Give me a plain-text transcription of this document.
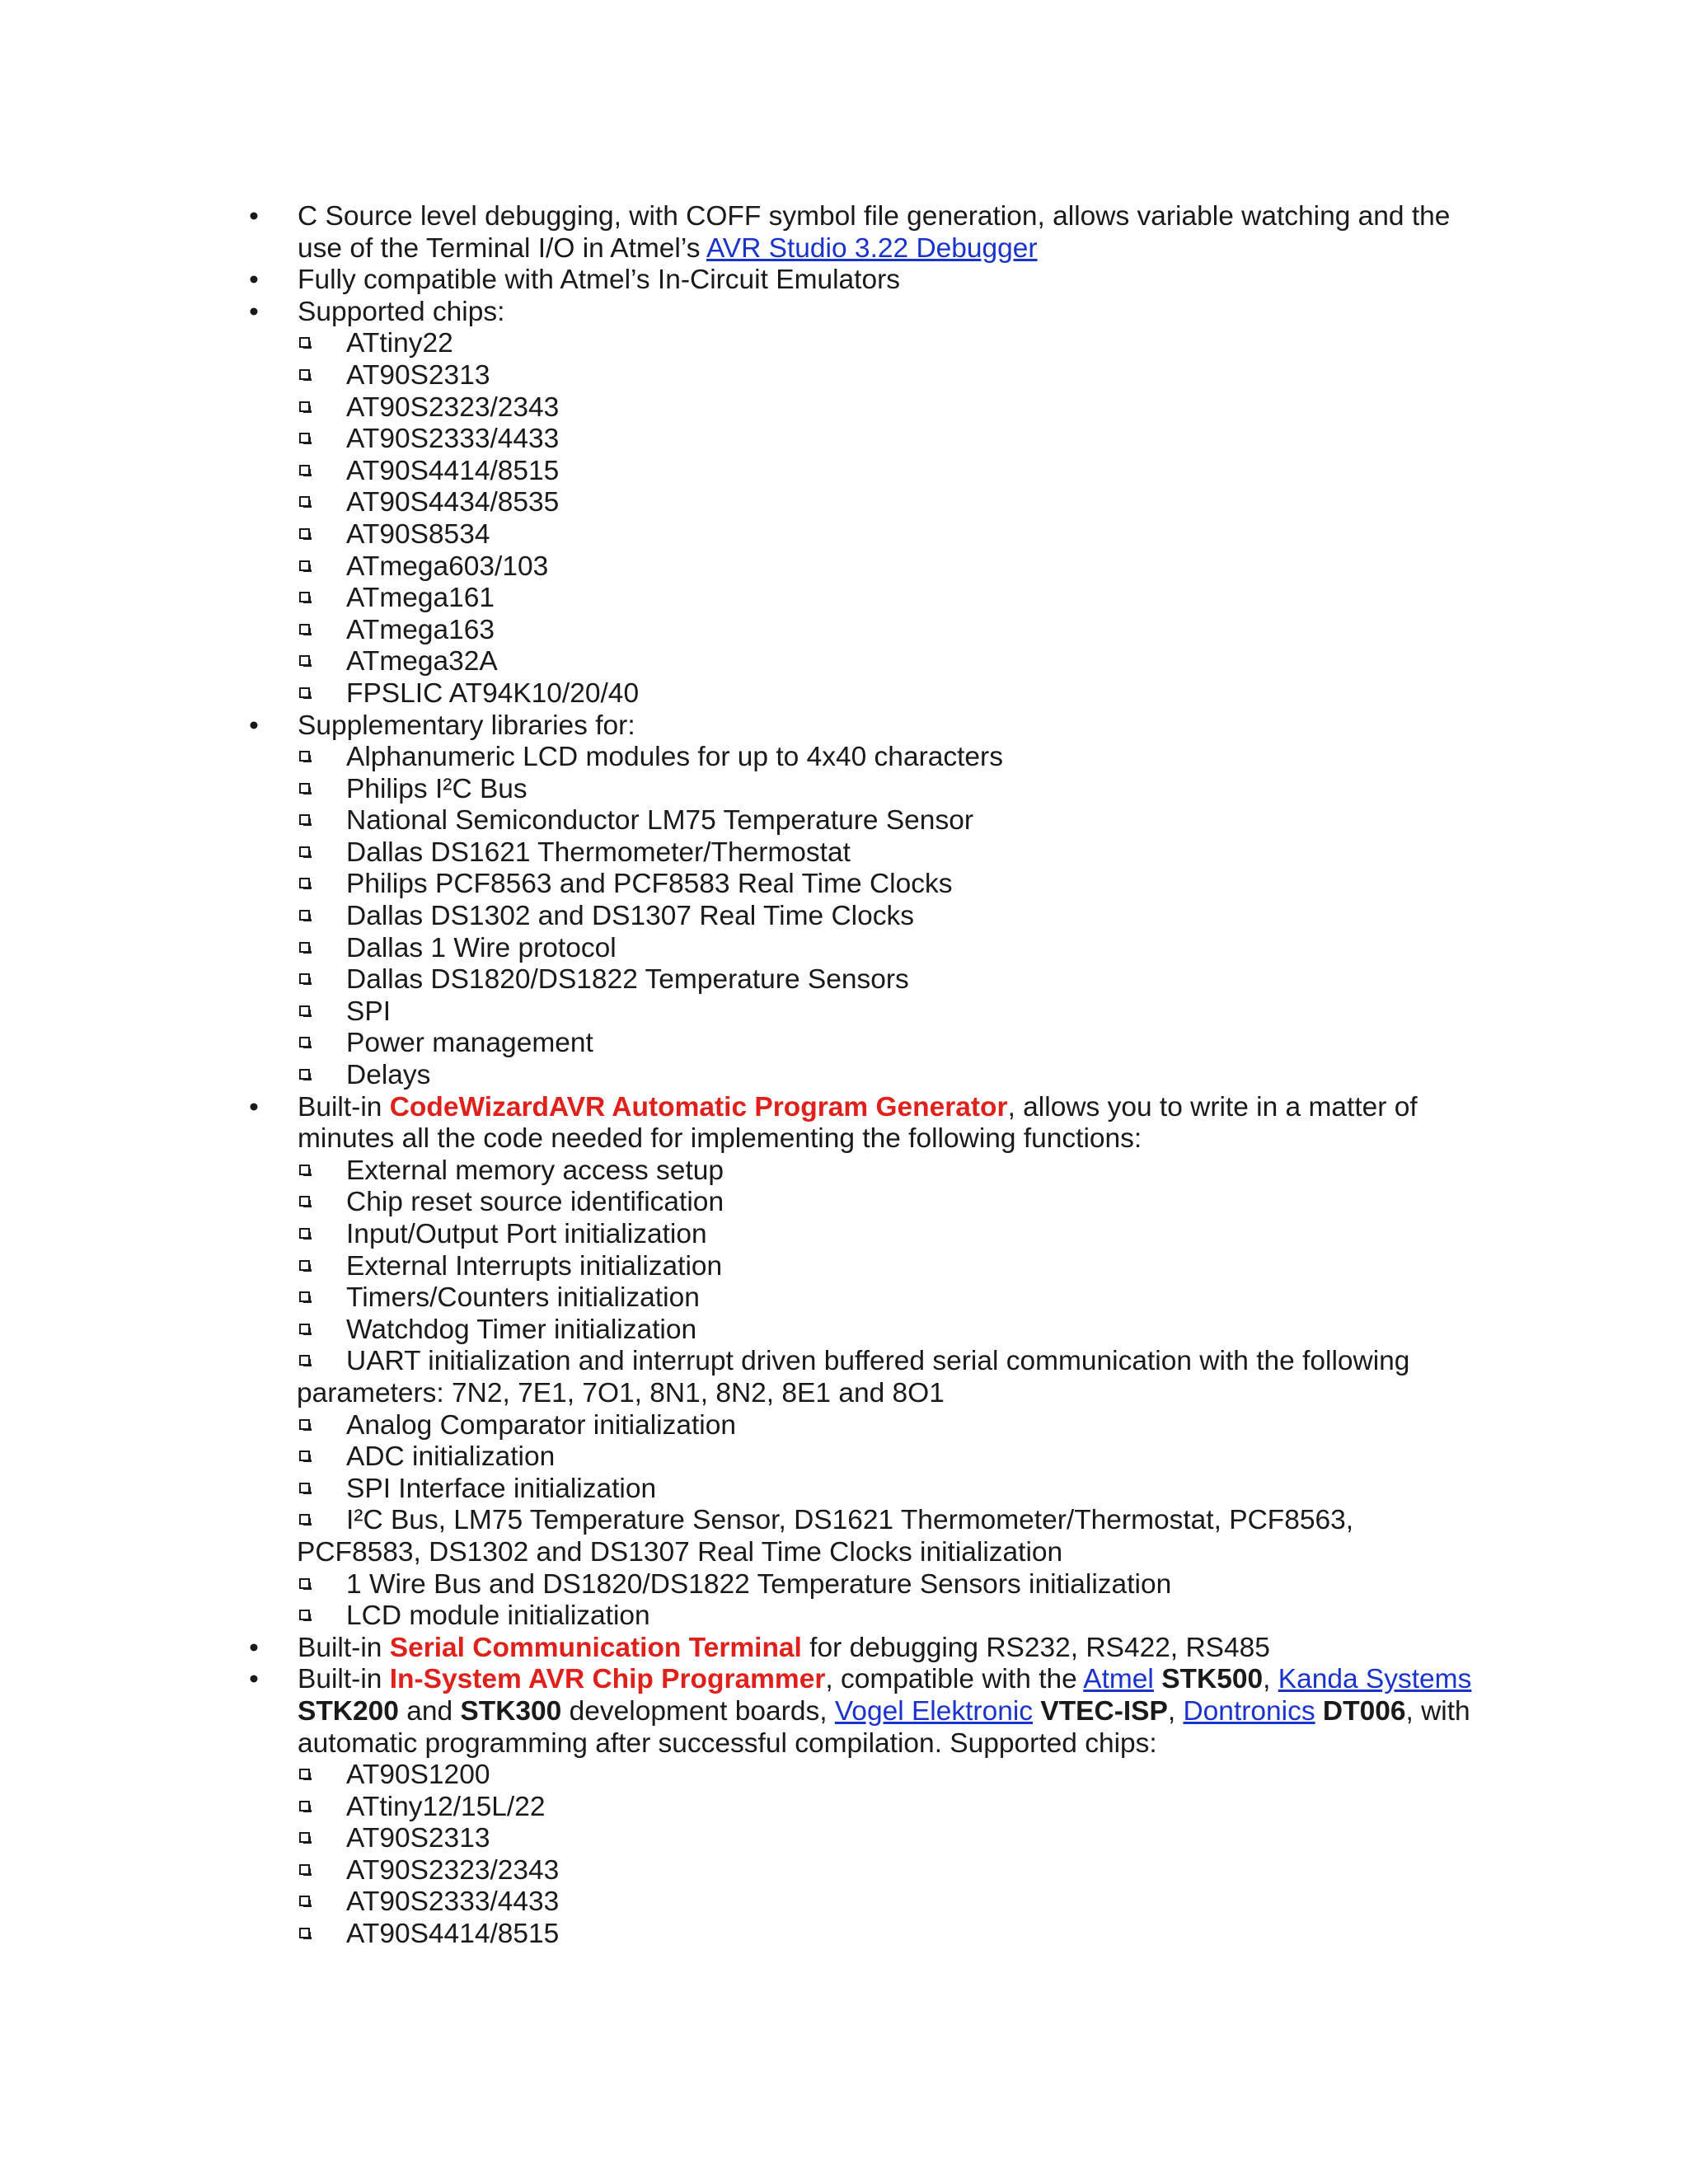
• C Source level debugging, with COFF symbol file generation, allows variable watching and the use of the Terminal I/O in Atmel’s AVR Studio 3.22 Debugger
• Fully compatible with Atmel’s In-Circuit Emulators
• Supported chips:
ATtiny22
AT90S2313
AT90S2323/2343
AT90S2333/4433
AT90S4414/8515
AT90S4434/8535
AT90S8534
ATmega603/103
ATmega161
ATmega163
ATmega32A
FPSLIC AT94K10/20/40
• Supplementary libraries for:
Alphanumeric LCD modules for up to 4x40 characters
Philips I²C Bus
National Semiconductor LM75 Temperature Sensor
Dallas DS1621 Thermometer/Thermostat
Philips PCF8563 and PCF8583 Real Time Clocks
Dallas DS1302 and DS1307 Real Time Clocks
Dallas 1 Wire protocol
Dallas DS1820/DS1822 Temperature Sensors
SPI
Power management
Delays
• Built-in CodeWizardAVR Automatic Program Generator, allows you to write in a matter of minutes all the code needed for implementing the following functions:
External memory access setup
Chip reset source identification
Input/Output Port initialization
External Interrupts initialization
Timers/Counters initialization
Watchdog Timer initialization
UART initialization and interrupt driven buffered serial communication with the following parameters: 7N2, 7E1, 7O1, 8N1, 8N2, 8E1 and 8O1
Analog Comparator initialization
ADC initialization
SPI Interface initialization
I²C Bus, LM75 Temperature Sensor, DS1621 Thermometer/Thermostat, PCF8563, PCF8583, DS1302 and DS1307 Real Time Clocks initialization
1 Wire Bus and DS1820/DS1822 Temperature Sensors initialization
LCD module initialization
• Built-in Serial Communication Terminal for debugging RS232, RS422, RS485
• Built-in In-System AVR Chip Programmer, compatible with the Atmel STK500, Kanda Systems STK200 and STK300 development boards, Vogel Elektronic VTEC-ISP, Dontronics DT006, with automatic programming after successful compilation. Supported chips:
AT90S1200
ATtiny12/15L/22
AT90S2313
AT90S2323/2343
AT90S2333/4433
AT90S4414/8515
